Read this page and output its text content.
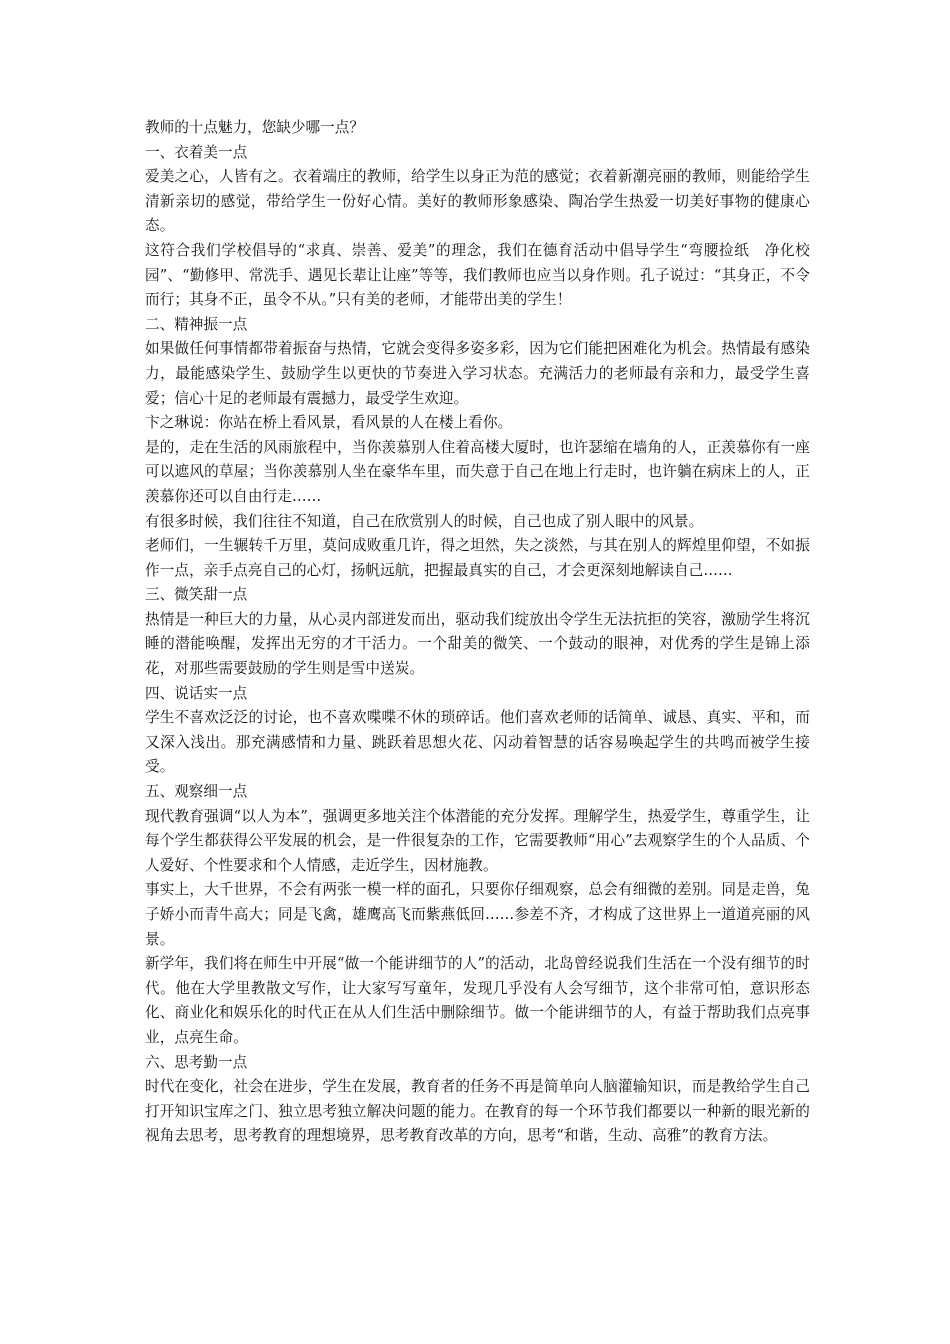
教师的十点魅力，您缺少哪一点？

一、衣着美一点

爱美之心，人皆有之。衣着端庄的教师，给学生以身正为范的感觉；衣着新潮亮丽的教师，则能给学生清新亲切的感觉，带给学生一份好心情。美好的教师形象感染、陶冶学生热爱一切美好事物的健康心态。

这符合我们学校倡导的“求真、崇善、爱美”的理念，我们在德育活动中倡导学生“弯腰捡纸　净化校园”、“勤修甲、常洗手、遇见长辈让让座”等等，我们教师也应当以身作则。孔子说过：“其身正，不令而行；其身不正，虽令不从。”只有美的老师，才能带出美的学生！

二、精神振一点

如果做任何事情都带着振奋与热情，它就会变得多姿多彩，因为它们能把困难化为机会。热情最有感染力，最能感染学生、鼓励学生以更快的节奏进入学习状态。充满活力的老师最有亲和力，最受学生喜爱；信心十足的老师最有震撼力，最受学生欢迎。

卞之琳说：你站在桥上看风景，看风景的人在楼上看你。

是的，走在生活的风雨旅程中，当你羡慕别人住着高楼大厦时，也许瑟缩在墙角的人，正羡慕你有一座可以遮风的草屋；当你羡慕别人坐在豪华车里，而失意于自己在地上行走时，也许躺在病床上的人，正羡慕你还可以自由行走……

有很多时候，我们往往不知道，自己在欣赏别人的时候，自己也成了别人眼中的风景。

老师们，一生辗转千万里，莫问成败重几许，得之坦然，失之淡然，与其在别人的辉煌里仰望，不如振作一点，亲手点亮自己的心灯，扬帆远航，把握最真实的自己，才会更深刻地解读自己……

三、微笑甜一点

热情是一种巨大的力量，从心灵内部迸发而出，驱动我们绽放出令学生无法抗拒的笑容，激励学生将沉睡的潜能唤醒，发挥出无穷的才干活力。一个甜美的微笑、一个鼓动的眼神，对优秀的学生是锦上添花，对那些需要鼓励的学生则是雪中送炭。

四、说话实一点

学生不喜欢泛泛的讨论，也不喜欢喋喋不休的琐碎话。他们喜欢老师的话简单、诚恳、真实、平和，而又深入浅出。那充满感情和力量、跳跃着思想火花、闪动着智慧的话容易唤起学生的共鸣而被学生接受。

五、观察细一点

现代教育强调“以人为本”，强调更多地关注个体潜能的充分发挥。理解学生，热爱学生，尊重学生，让每个学生都获得公平发展的机会，是一件很复杂的工作，它需要教师“用心”去观察学生的个人品质、个人爱好、个性要求和个人情感，走近学生，因材施教。

事实上，大千世界，不会有两张一模一样的面孔，只要你仔细观察，总会有细微的差别。同是走兽，兔子娇小而青牛高大；同是飞禽，雄鹰高飞而紫燕低回……参差不齐，才构成了这世界上一道道亮丽的风景。

新学年，我们将在师生中开展“做一个能讲细节的人”的活动，北岛曾经说我们生活在一个没有细节的时代。他在大学里教散文写作，让大家写写童年，发现几乎没有人会写细节，这个非常可怕，意识形态化、商业化和娱乐化的时代正在从人们生活中删除细节。做一个能讲细节的人，有益于帮助我们点亮事业，点亮生命。

六、思考勤一点

时代在变化，社会在进步，学生在发展，教育者的任务不再是简单向人脑灌输知识，而是教给学生自己打开知识宝库之门、独立思考独立解决问题的能力。在教育的每一个环节我们都要以一种新的眼光新的视角去思考，思考教育的理想境界，思考教育改革的方向，思考“和谐，生动、高雅”的教育方法。
